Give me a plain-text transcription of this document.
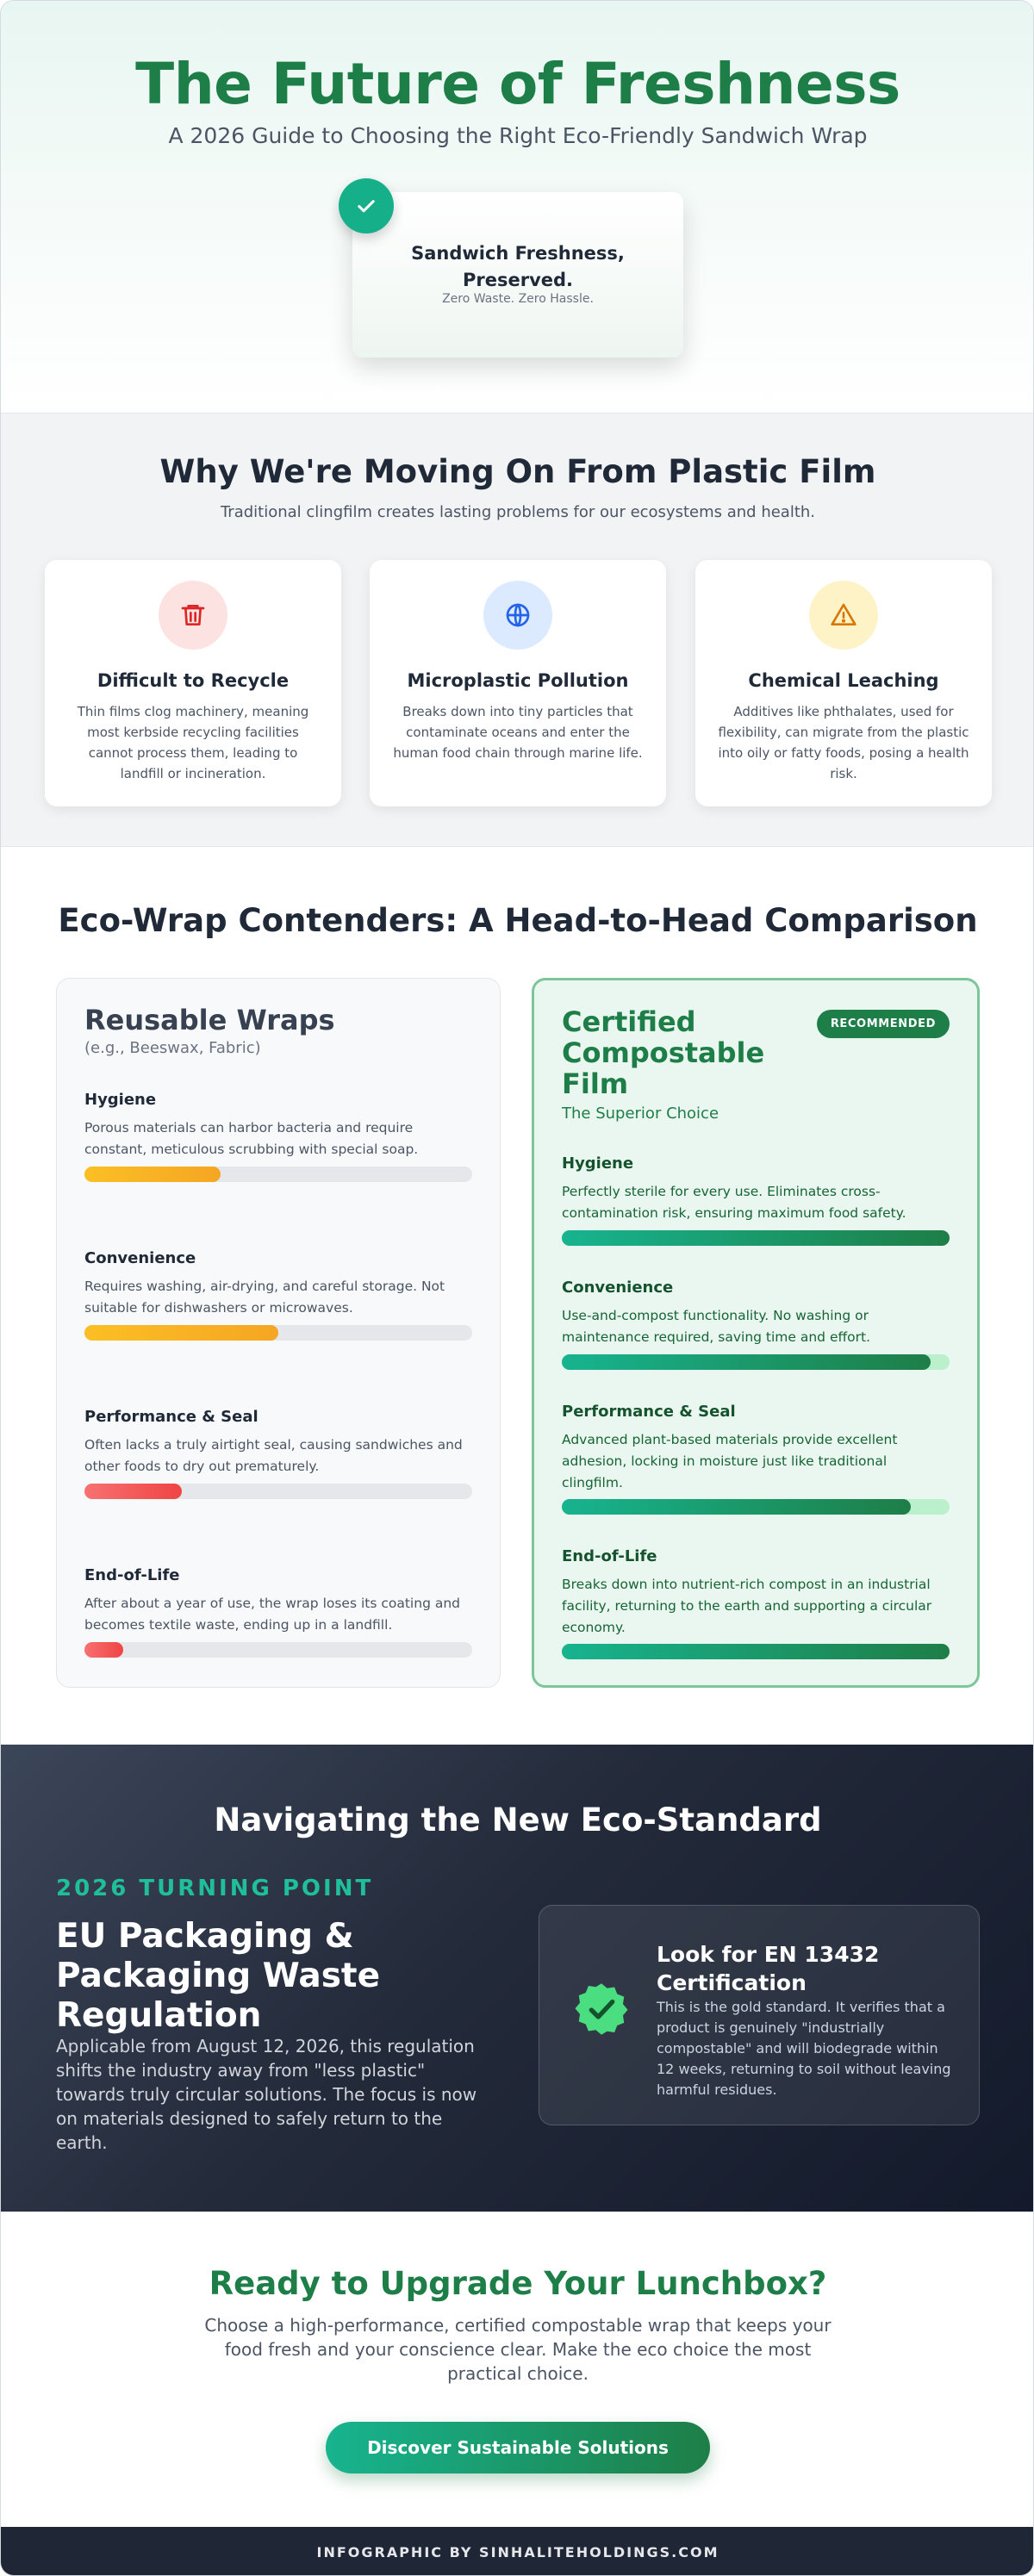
The Future of Freshness

A 2026 Guide to Choosing the Right Eco-Friendly Sandwich Wrap

Sandwich Freshness, Preserved.
Zero Waste. Zero Hassle.
Why We're Moving On From Plastic Film

Traditional clingfilm creates lasting problems for our ecosystems and health.

Difficult to Recycle
Thin films clog machinery, meaning most kerbside recycling facilities cannot process them, leading to landfill or incineration.
Microplastic Pollution
Breaks down into tiny particles that contaminate oceans and enter the human food chain through marine life.
Chemical Leaching
Additives like phthalates, used for flexibility, can migrate from the plastic into oily or fatty foods, posing a health risk.
Eco-Wrap Contenders: A Head-to-Head Comparison
Reusable Wraps
(e.g., Beeswax, Fabric)
Hygiene
Porous materials can harbor bacteria and require constant, meticulous scrubbing with special soap.
Convenience
Requires washing, air-drying, and careful storage. Not suitable for dishwashers or microwaves.
Performance & Seal
Often lacks a truly airtight seal, causing sandwiches and other foods to dry out prematurely.
End-of-Life
After about a year of use, the wrap loses its coating and becomes textile waste, ending up in a landfill.
Certified Compostable Film
RECOMMENDED
The Superior Choice
Hygiene
Perfectly sterile for every use. Eliminates cross-contamination risk, ensuring maximum food safety.
Convenience
Use-and-compost functionality. No washing or maintenance required, saving time and effort.
Performance & Seal
Advanced plant-based materials provide excellent adhesion, locking in moisture just like traditional clingfilm.
End-of-Life
Breaks down into nutrient-rich compost in an industrial facility, returning to the earth and supporting a circular economy.
Navigating the New Eco-Standard
2026 TURNING POINT
EU Packaging & Packaging Waste Regulation

Applicable from August 12, 2026, this regulation shifts the industry away from "less plastic" towards truly circular solutions. The focus is now on materials designed to safely return to the earth.

Look for EN 13432 Certification
This is the gold standard. It verifies that a product is genuinely "industrially compostable" and will biodegrade within 12 weeks, returning to soil without leaving harmful residues.
Ready to Upgrade Your Lunchbox?

Choose a high-performance, certified compostable wrap that keeps your food fresh and your conscience clear. Make the eco choice the most practical choice.

Discover Sustainable Solutions
INFOGRAPHIC BY SINHALITEHOLDINGS.COM
